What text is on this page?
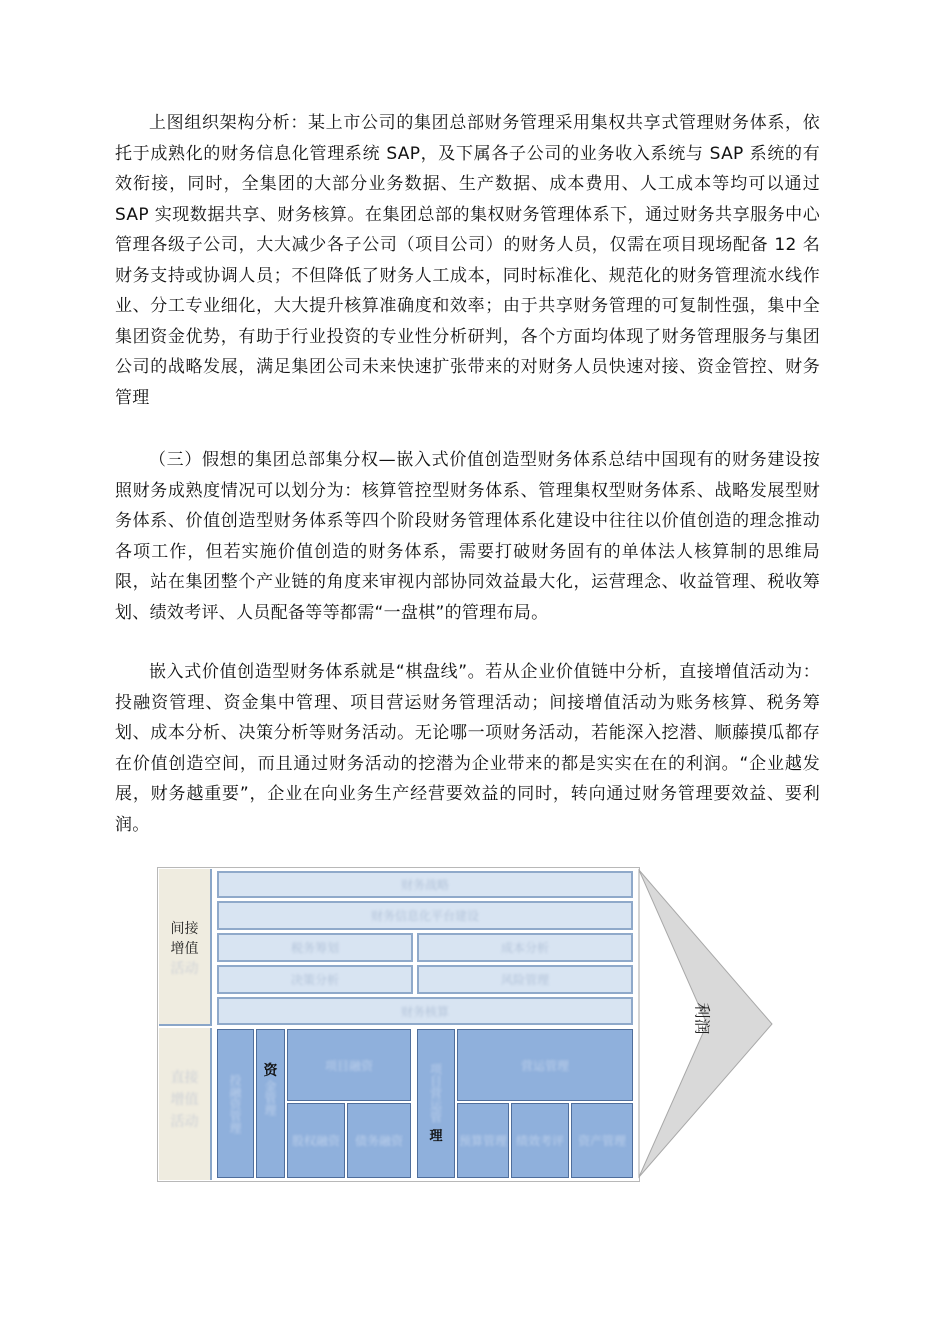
上图组织架构分析：某上市公司的集团总部财务管理采用集权共享式管理财务体系，依托于成熟化的财务信息化管理系统 SAP，及下属各子公司的业务收入系统与 SAP 系统的有效衔接，同时，全集团的大部分业务数据、生产数据、成本费用、人工成本等均可以通过 SAP 实现数据共享、财务核算。在集团总部的集权财务管理体系下，通过财务共享服务中心管理各级子公司，大大减少各子公司（项目公司）的财务人员，仅需在项目现场配备 12 名财务支持或协调人员；不但降低了财务人工成本，同时标准化、规范化的财务管理流水线作业、分工专业细化，大大提升核算准确度和效率；由于共享财务管理的可复制性强，集中全集团资金优势，有助于行业投资的专业性分析研判，各个方面均体现了财务管理服务与集团公司的战略发展，满足集团公司未来快速扩张带来的对财务人员快速对接、资金管控、财务管理

（三）假想的集团总部集分权—嵌入式价值创造型财务体系总结中国现有的财务建设按照财务成熟度情况可以划分为：核算管控型财务体系、管理集权型财务体系、战略发展型财务体系、价值创造型财务体系等四个阶段财务管理体系化建设中往往以价值创造的理念推动各项工作，但若实施价值创造的财务体系，需要打破财务固有的单体法人核算制的思维局限，站在集团整个产业链的角度来审视内部协同效益最大化，运营理念、收益管理、税收筹划、绩效考评、人员配备等等都需“一盘棋”的管理布局。

嵌入式价值创造型财务体系就是“棋盘线”。若从企业价值链中分析，直接增值活动为：投融资管理、资金集中管理、项目营运财务管理活动；间接增值活动为账务核算、税务筹划、成本分析、决策分析等财务活动。无论哪一项财务活动，若能深入挖潜、顺藤摸瓜都存在价值创造空间，而且通过财务活动的挖潜为企业带来的都是实实在在的利润。“企业越发展，财务越重要”，企业在向业务生产经营要效益的同时，转向通过财务管理要效益、要利润。

间接
增值
活动
直接
增值
活动
财务战略
财务信息化平台建设
税务筹划	成本分析
决策分析	风险管理
财务核算
投融资管理
资
金管理
项目融资
股权融资 债务融资
项目营运管
理
营运管理
预算管理 绩效考评 资产管理
利润
